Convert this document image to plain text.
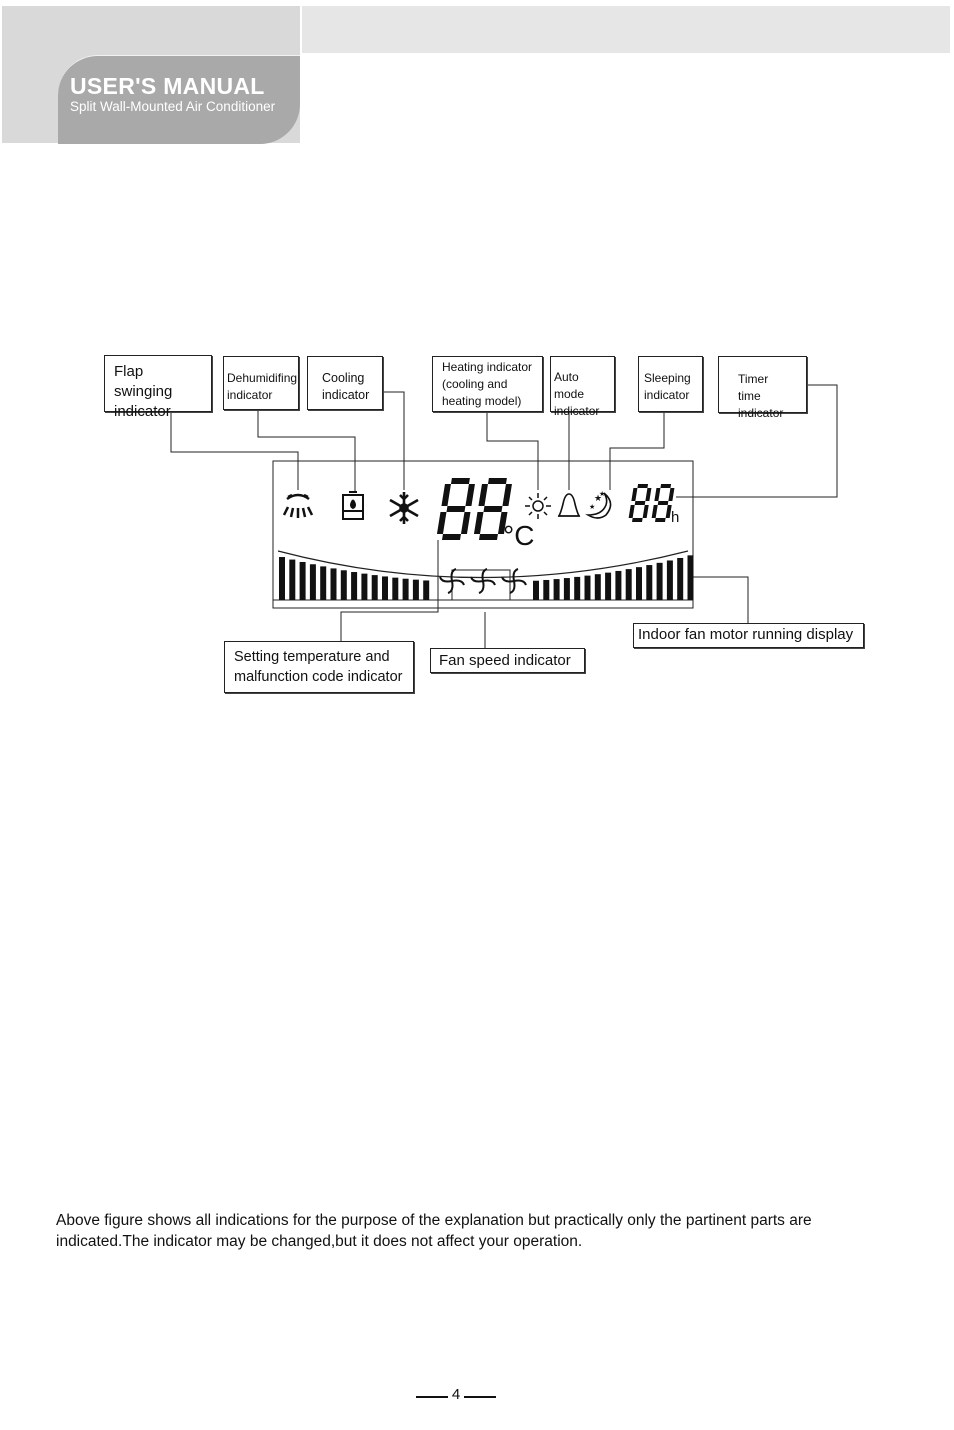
USER'S MANUAL
Split Wall-Mounted Air Conditioner
°C
★
★
★
h
Flap swinging
indicator
Dehumidifing
indicator
Cooling
indicator
Heating indicator
(cooling and
heating model)
Auto mode
indicator
Sleeping
indicator
Timer time
indicator
Setting temperature and
malfunction code indicator
Fan speed indicator
Indoor fan motor running display
Above figure shows all indications for the purpose of the explanation but practically only the partinent parts are indicated.The indicator may be changed,but it does not affect your operation.
4
